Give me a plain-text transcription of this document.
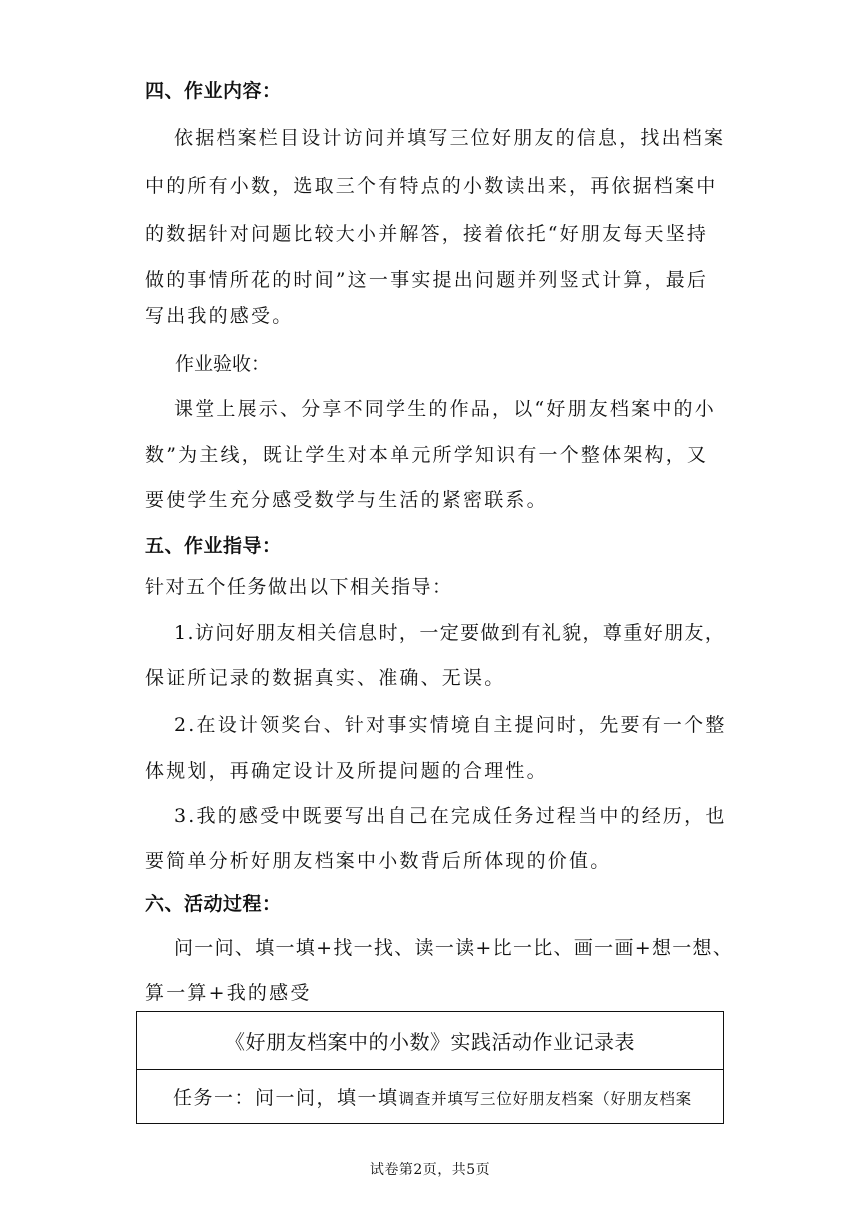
四、作业内容：
依据档案栏目设计访问并填写三位好朋友的信息，找出档案
中的所有小数，选取三个有特点的小数读出来，再依据档案中
的数据针对问题比较大小并解答，接着依托“好朋友每天坚持
做的事情所花的时间”这一事实提出问题并列竖式计算，最后
写出我的感受。
作业验收：
课堂上展示、分享不同学生的作品，以“好朋友档案中的小
数”为主线，既让学生对本单元所学知识有一个整体架构，又
要使学生充分感受数学与生活的紧密联系。
五、作业指导：
针对五个任务做出以下相关指导：
1.访问好朋友相关信息时，一定要做到有礼貌，尊重好朋友，
保证所记录的数据真实、准确、无误。
2.在设计领奖台、针对事实情境自主提问时，先要有一个整
体规划，再确定设计及所提问题的合理性。
3.我的感受中既要写出自己在完成任务过程当中的经历，也
要简单分析好朋友档案中小数背后所体现的价值。
六、活动过程：
问一问、填一填+找一找、读一读+比一比、画一画+想一想、
算一算+我的感受
《好朋友档案中的小数》实践活动作业记录表
任务一：问一问，填一填调查并填写三位好朋友档案（好朋友档案
试卷第2页，共5页
